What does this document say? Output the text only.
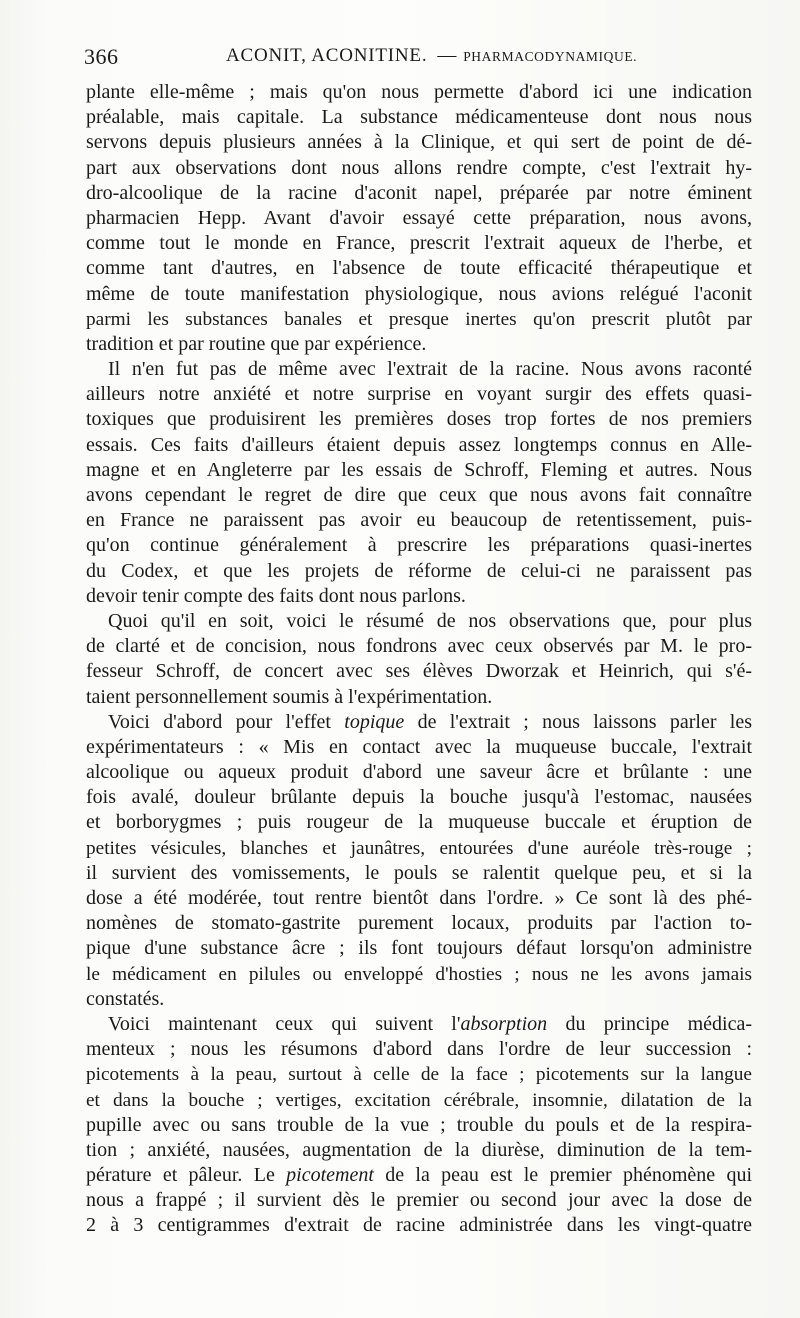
366	ACONIT, ACONITINE. — PHARMACODYNAMIQUE.
plante elle-même ; mais qu'on nous permette d'abord ici une indication
préalable, mais capitale. La substance médicamenteuse dont nous nous
servons depuis plusieurs années à la Clinique, et qui sert de point de dé-
part aux observations dont nous allons rendre compte, c'est l'extrait hy-
dro-alcoolique de la racine d'aconit napel, préparée par notre éminent
pharmacien Hepp. Avant d'avoir essayé cette préparation, nous avons,
comme tout le monde en France, prescrit l'extrait aqueux de l'herbe, et
comme tant d'autres, en l'absence de toute efficacité thérapeutique et
même de toute manifestation physiologique, nous avions relégué l'aconit
parmi les substances banales et presque inertes qu'on prescrit plutôt par
tradition et par routine que par expérience.
Il n'en fut pas de même avec l'extrait de la racine. Nous avons raconté
ailleurs notre anxiété et notre surprise en voyant surgir des effets quasi-
toxiques que produisirent les premières doses trop fortes de nos premiers
essais. Ces faits d'ailleurs étaient depuis assez longtemps connus en Alle-
magne et en Angleterre par les essais de Schroff, Fleming et autres. Nous
avons cependant le regret de dire que ceux que nous avons fait connaître
en France ne paraissent pas avoir eu beaucoup de retentissement, puis-
qu'on continue généralement à prescrire les préparations quasi-inertes
du Codex, et que les projets de réforme de celui-ci ne paraissent pas
devoir tenir compte des faits dont nous parlons.
Quoi qu'il en soit, voici le résumé de nos observations que, pour plus
de clarté et de concision, nous fondrons avec ceux observés par M. le pro-
fesseur Schroff, de concert avec ses élèves Dworzak et Heinrich, qui s'é-
taient personnellement soumis à l'expérimentation.
Voici d'abord pour l'effet topique de l'extrait ; nous laissons parler les
expérimentateurs : « Mis en contact avec la muqueuse buccale, l'extrait
alcoolique ou aqueux produit d'abord une saveur âcre et brûlante : une
fois avalé, douleur brûlante depuis la bouche jusqu'à l'estomac, nausées
et borborygmes ; puis rougeur de la muqueuse buccale et éruption de
petites vésicules, blanches et jaunâtres, entourées d'une auréole très-rouge ;
il survient des vomissements, le pouls se ralentit quelque peu, et si la
dose a été modérée, tout rentre bientôt dans l'ordre. » Ce sont là des phé-
nomènes de stomato-gastrite purement locaux, produits par l'action to-
pique d'une substance âcre ; ils font toujours défaut lorsqu'on administre
le médicament en pilules ou enveloppé d'hosties ; nous ne les avons jamais
constatés.
Voici maintenant ceux qui suivent l'absorption du principe médica-
menteux ; nous les résumons d'abord dans l'ordre de leur succession :
picotements à la peau, surtout à celle de la face ; picotements sur la langue
et dans la bouche ; vertiges, excitation cérébrale, insomnie, dilatation de la
pupille avec ou sans trouble de la vue ; trouble du pouls et de la respira-
tion ; anxiété, nausées, augmentation de la diurèse, diminution de la tem-
pérature et pâleur. Le picotement de la peau est le premier phénomène qui
nous a frappé ; il survient dès le premier ou second jour avec la dose de
2 à 3 centigrammes d'extrait de racine administrée dans les vingt-quatre
